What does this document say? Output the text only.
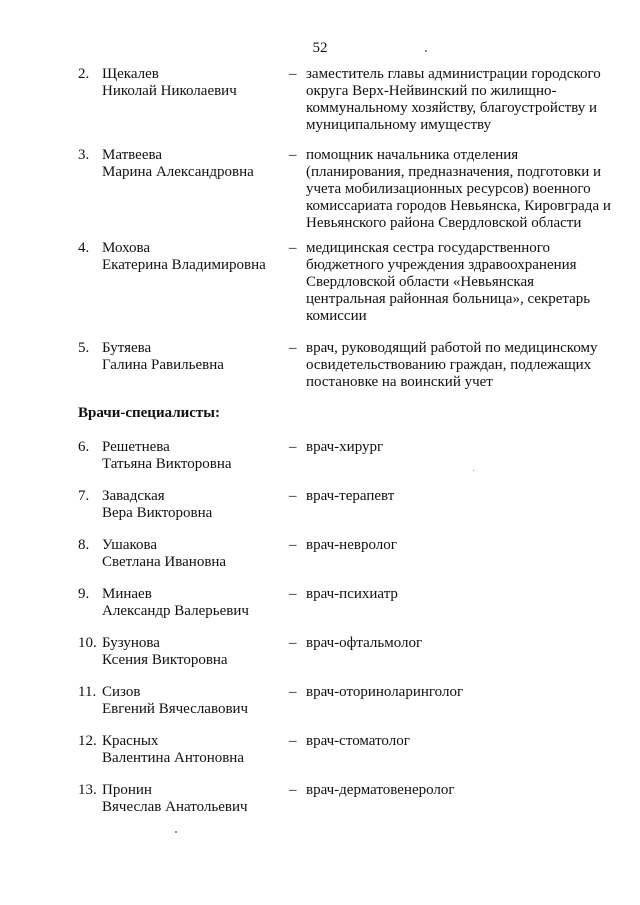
52
2. Щекалев
Николай Николаевич
– заместитель главы администрации городского округа Верх-Нейвинский по жилищно-коммунальному хозяйству, благоустройству и муниципальному имуществу
3. Матвеева
Марина Александровна
– помощник начальника отделения (планирования, предназначения, подготовки и учета мобилизационных ресурсов) военного комиссариата городов Невьянска, Кировграда и Невьянского района Свердловской области
4. Мохова
Екатерина Владимировна
– медицинская сестра государственного бюджетного учреждения здравоохранения Свердловской области «Невьянская центральная районная больница», секретарь комиссии
5. Бутяева
Галина Равильевна
– врач, руководящий работой по медицинскому освидетельствованию граждан, подлежащих постановке на воинский учет
Врачи-специалисты:
6. Решетнева
Татьяна Викторовна
– врач-хирург
7. Завадская
Вера Викторовна
– врач-терапевт
8. Ушакова
Светлана Ивановна
– врач-невролог
9. Минаев
Александр Валерьевич
– врач-психиатр
10. Бузунова
Ксения Викторовна
– врач-офтальмолог
11. Сизов
Евгений Вячеславович
– врач-оториноларинголог
12. Красных
Валентина Антоновна
– врач-стоматолог
13. Пронин
Вячеслав Анатольевич
– врач-дерматовенеролог
